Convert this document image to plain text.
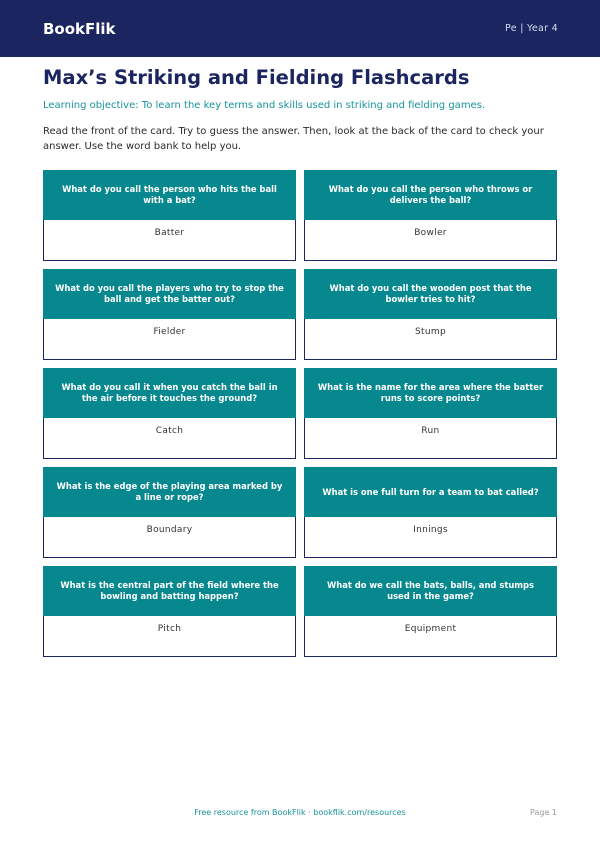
BookFlik	Pe | Year 4
Max’s Striking and Fielding Flashcards

Learning objective: To learn the key terms and skills used in striking and fielding games.

Read the front of the card. Try to guess the answer. Then, look at the back of the card to check your answer. Use the word bank to help you.

What do you call the person who hits the ball with a bat?
Batter
What do you call the person who throws or delivers the ball?
Bowler
What do you call the players who try to stop the ball and get the batter out?
Fielder
What do you call the wooden post that the bowler tries to hit?
Stump
What do you call it when you catch the ball in the air before it touches the ground?
Catch
What is the name for the area where the batter runs to score points?
Run
What is the edge of the playing area marked by a line or rope?
Boundary
What is one full turn for a team to bat called?
Innings
What is the central part of the field where the bowling and batting happen?
Pitch
What do we call the bats, balls, and stumps used in the game?
Equipment
Free resource from BookFlik · bookflik.com/resources	Page 1
